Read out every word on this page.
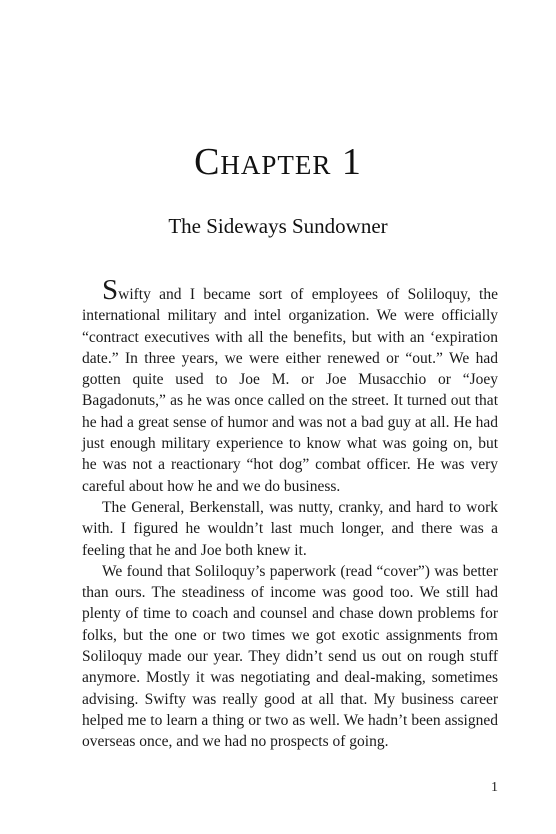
Chapter 1
The Sideways Sundowner

Swifty and I became sort of employees of Soliloquy, the international military and intel organization. We were officially “contract executives with all the benefits, but with an ‘expiration date.” In three years, we were either renewed or “out.” We had gotten quite used to Joe M. or Joe Musacchio or “Joey Bagadonuts,” as he was once called on the street. It turned out that he had a great sense of humor and was not a bad guy at all. He had just enough military experience to know what was going on, but he was not a reactionary “hot dog” combat officer. He was very careful about how he and we do business.

The General, Berkenstall, was nutty, cranky, and hard to work with. I figured he wouldn’t last much longer, and there was a feeling that he and Joe both knew it.

We found that Soliloquy’s paperwork (read “cover”) was better than ours. The steadiness of income was good too. We still had plenty of time to coach and counsel and chase down problems for folks, but the one or two times we got exotic assignments from Soliloquy made our year. They didn’t send us out on rough stuff anymore. Mostly it was negotiating and deal-making, sometimes advising. Swifty was really good at all that. My business career helped me to learn a thing or two as well. We hadn’t been assigned overseas once, and we had no prospects of going.

1
